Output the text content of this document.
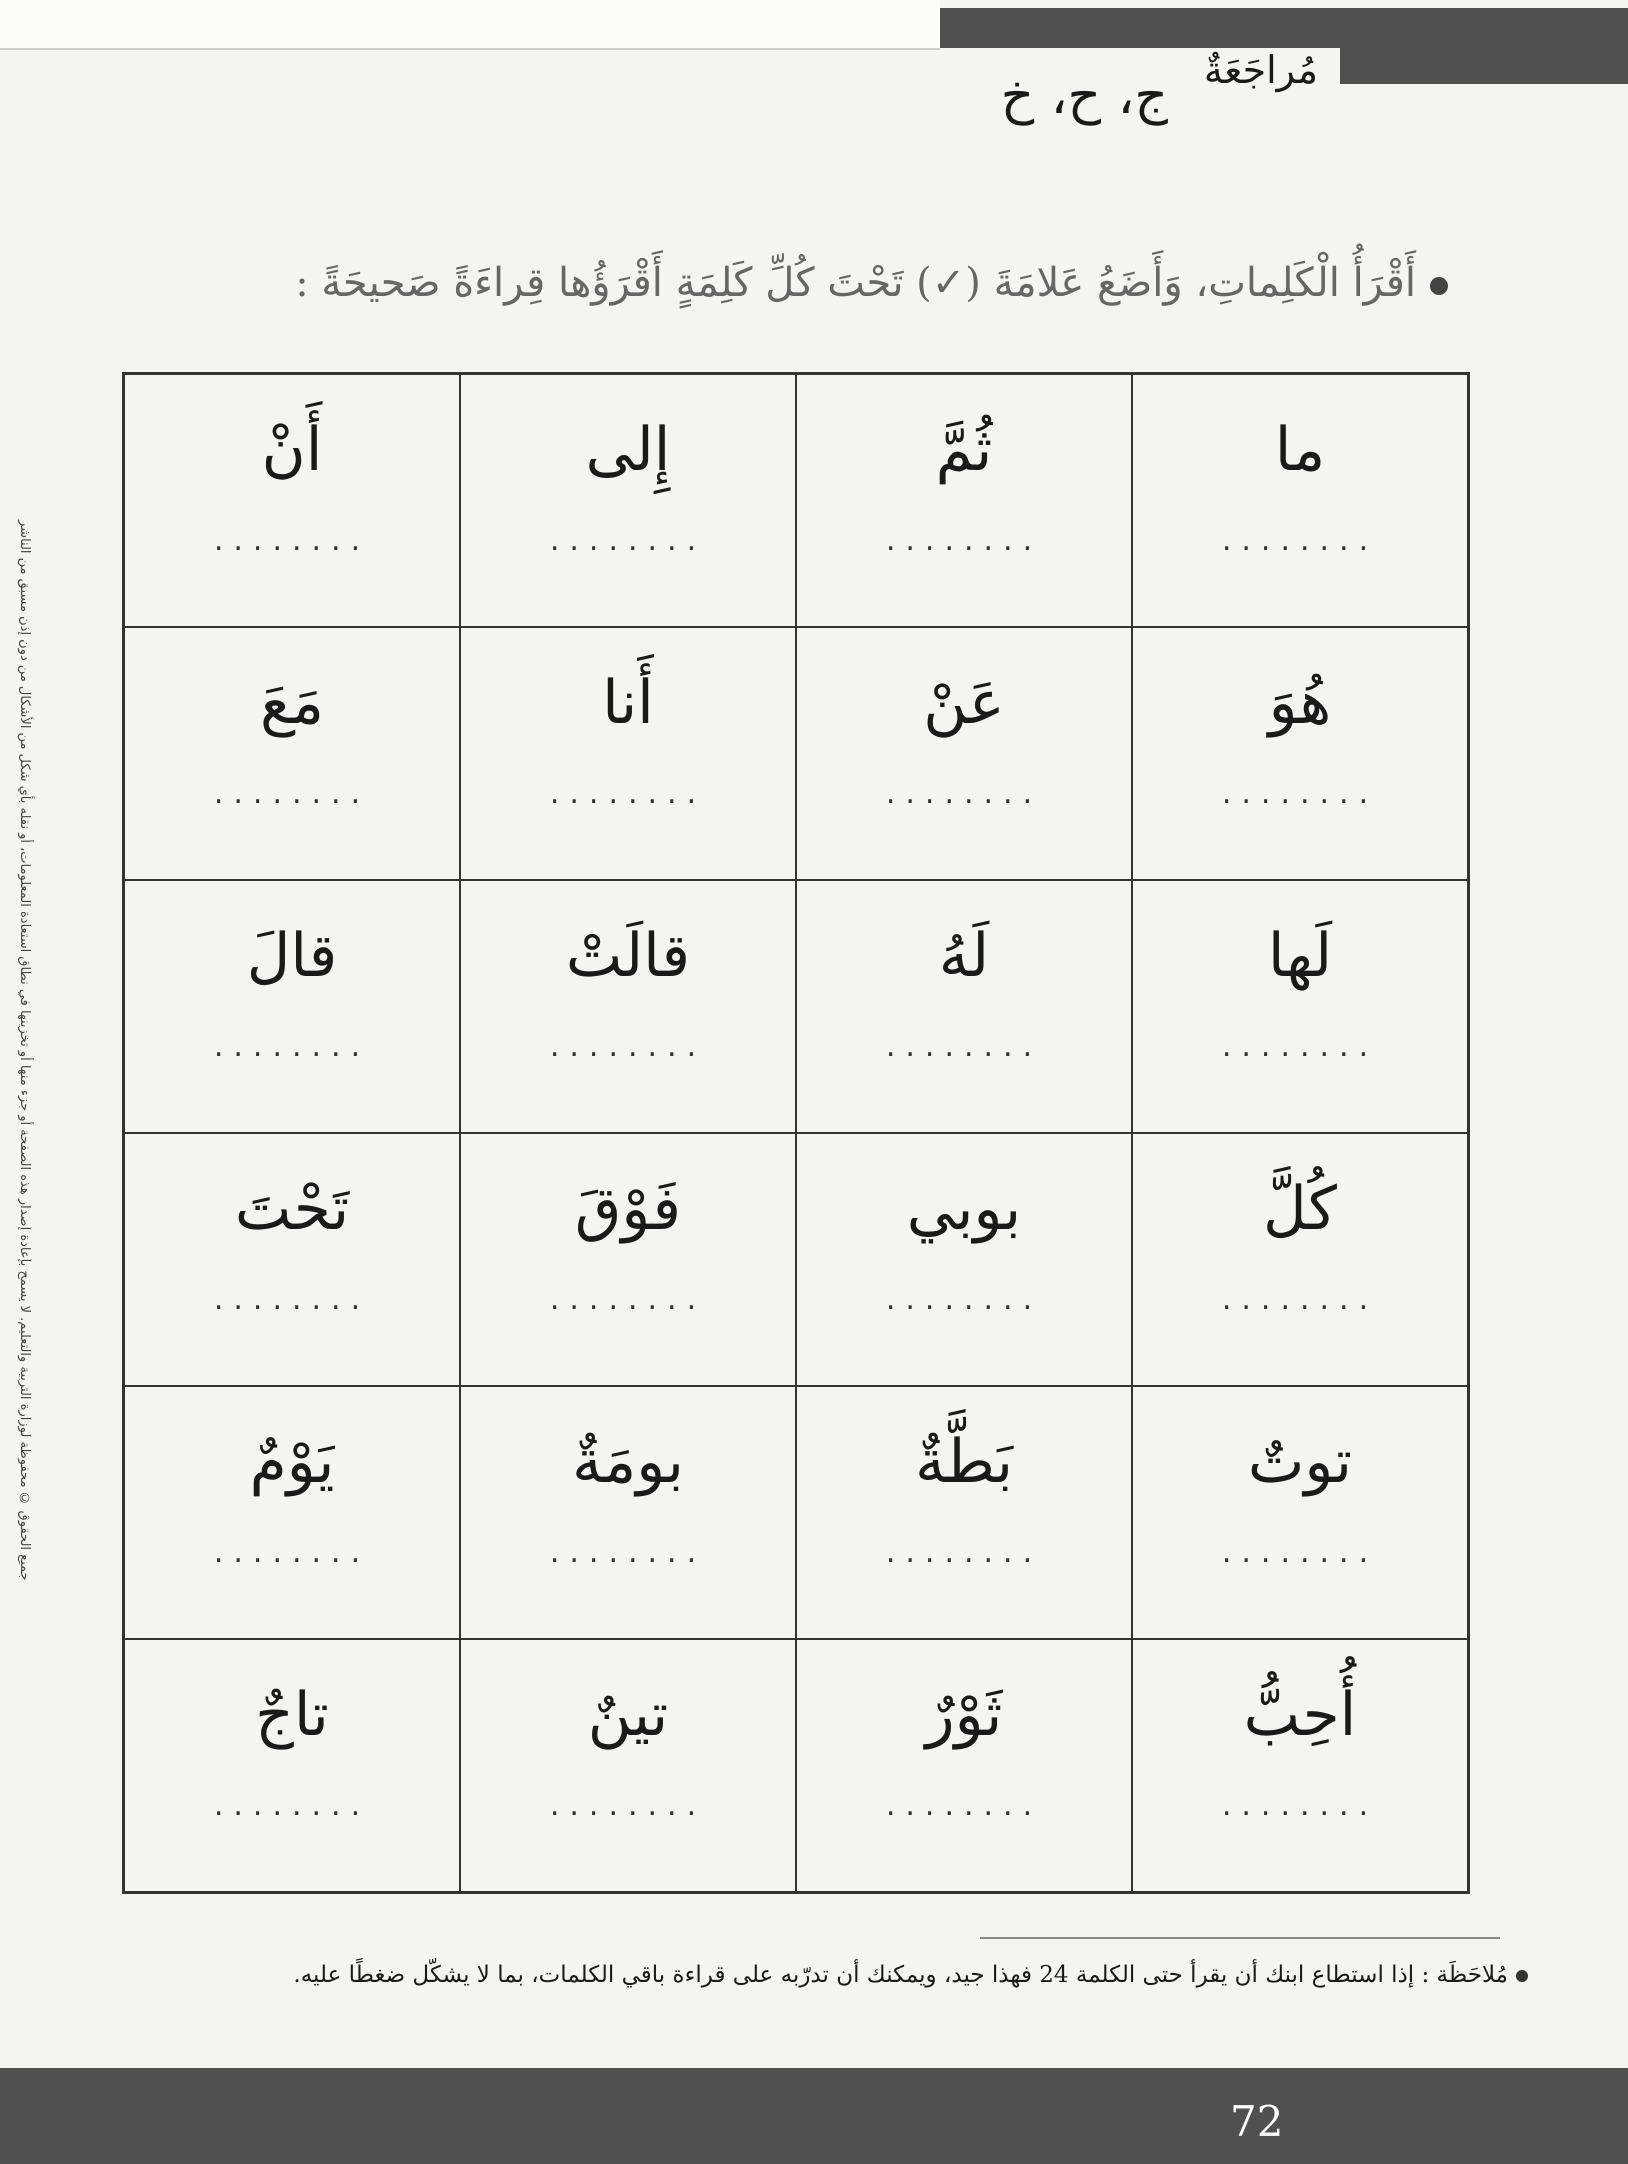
مُراجَعَةٌ
ج، ح، خ
أَقْرَأُ الْكَلِماتِ، وَأَضَعُ عَلامَةَ (✓) تَحْتَ كُلِّ كَلِمَةٍ أَقْرَؤُها قِراءَةً صَحيحَةً :
ما
........
ثُمَّ
........
إِلى
........
أَنْ
........
هُوَ
........
عَنْ
........
أَنا
........
مَعَ
........
لَها
........
لَهُ
........
قالَتْ
........
قالَ
........
كُلَّ
........
بوبي
........
فَوْقَ
........
تَحْتَ
........
توتٌ
........
بَطَّةٌ
........
بومَةٌ
........
يَوْمٌ
........
أُحِبُّ
........
ثَوْرٌ
........
تينٌ
........
تاجٌ
........
مُلاحَظَة : إذا استطاع ابنك أن يقرأ حتى الكلمة 24 فهذا جيد، ويمكنك أن تدرّبه على قراءة باقي الكلمات، بما لا يشكّل ضغطًا عليه.
جميع الحقوق © محفوظة لوزارة التربية والتعليم. لا يسمح بإعادة إصدار هذه الصفحة أو جزء منها أو تخزينها في نطاق استعادة المعلومات، أو نقله بأي شكل من الأشكال من دون إذن مسبق من الناشر
72
